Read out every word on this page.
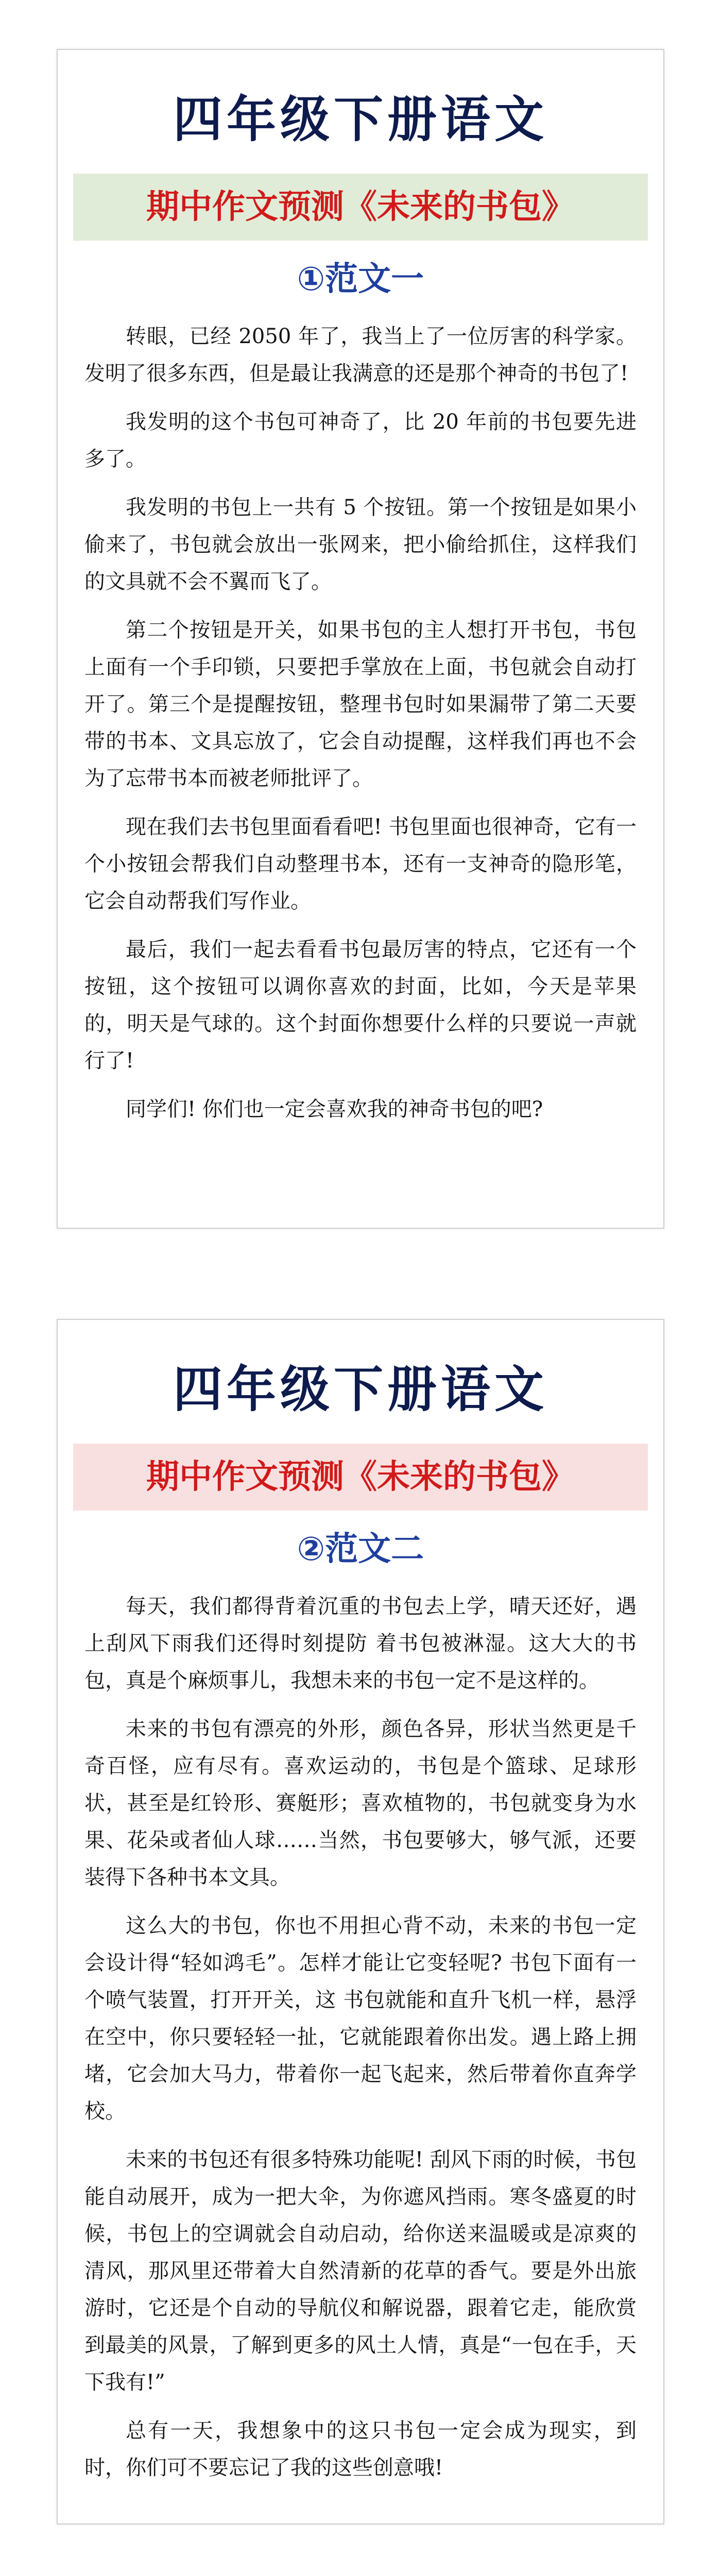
四年级下册语文
期中作文预测《未来的书包》
①范文一

转眼，已经 2050 年了，我当上了一位厉害的科学家。发明了很多东西，但是最让我满意的还是那个神奇的书包了!

我发明的这个书包可神奇了，比 20 年前的书包要先进多了。

我发明的书包上一共有 5 个按钮。第一个按钮是如果小偷来了，书包就会放出一张网来，把小偷给抓住，这样我们的文具就不会不翼而飞了。

第二个按钮是开关，如果书包的主人想打开书包，书包上面有一个手印锁，只要把手掌放在上面，书包就会自动打开了。第三个是提醒按钮，整理书包时如果漏带了第二天要带的书本、文具忘放了，它会自动提醒，这样我们再也不会为了忘带书本而被老师批评了。

现在我们去书包里面看看吧! 书包里面也很神奇，它有一个小按钮会帮我们自动整理书本，还有一支神奇的隐形笔，它会自动帮我们写作业。

最后，我们一起去看看书包最厉害的特点，它还有一个按钮，这个按钮可以调你喜欢的封面，比如，今天是苹果的，明天是气球的。这个封面你想要什么样的只要说一声就行了!

同学们! 你们也一定会喜欢我的神奇书包的吧?

四年级下册语文
期中作文预测《未来的书包》
②范文二

每天，我们都得背着沉重的书包去上学，晴天还好，遇上刮风下雨我们还得时刻提防 着书包被淋湿。这大大的书包，真是个麻烦事儿，我想未来的书包一定不是这样的。

未来的书包有漂亮的外形，颜色各异，形状当然更是千奇百怪，应有尽有。喜欢运动的，书包是个篮球、足球形状，甚至是红铃形、赛艇形；喜欢植物的，书包就变身为水果、花朵或者仙人球……当然，书包要够大，够气派，还要装得下各种书本文具。

这么大的书包，你也不用担心背不动，未来的书包一定会设计得“轻如鸿毛”。怎样才能让它变轻呢? 书包下面有一个喷气装置，打开开关，这 书包就能和直升飞机一样，悬浮在空中，你只要轻轻一扯，它就能跟着你出发。遇上路上拥堵，它会加大马力，带着你一起飞起来，然后带着你直奔学校。

未来的书包还有很多特殊功能呢! 刮风下雨的时候，书包能自动展开，成为一把大伞，为你遮风挡雨。寒冬盛夏的时候，书包上的空调就会自动启动，给你送来温暖或是凉爽的清风，那风里还带着大自然清新的花草的香气。要是外出旅游时，它还是个自动的导航仪和解说器，跟着它走，能欣赏到最美的风景，了解到更多的风土人情，真是“一包在手，天下我有!”

总有一天，我想象中的这只书包一定会成为现实，到时，你们可不要忘记了我的这些创意哦!
